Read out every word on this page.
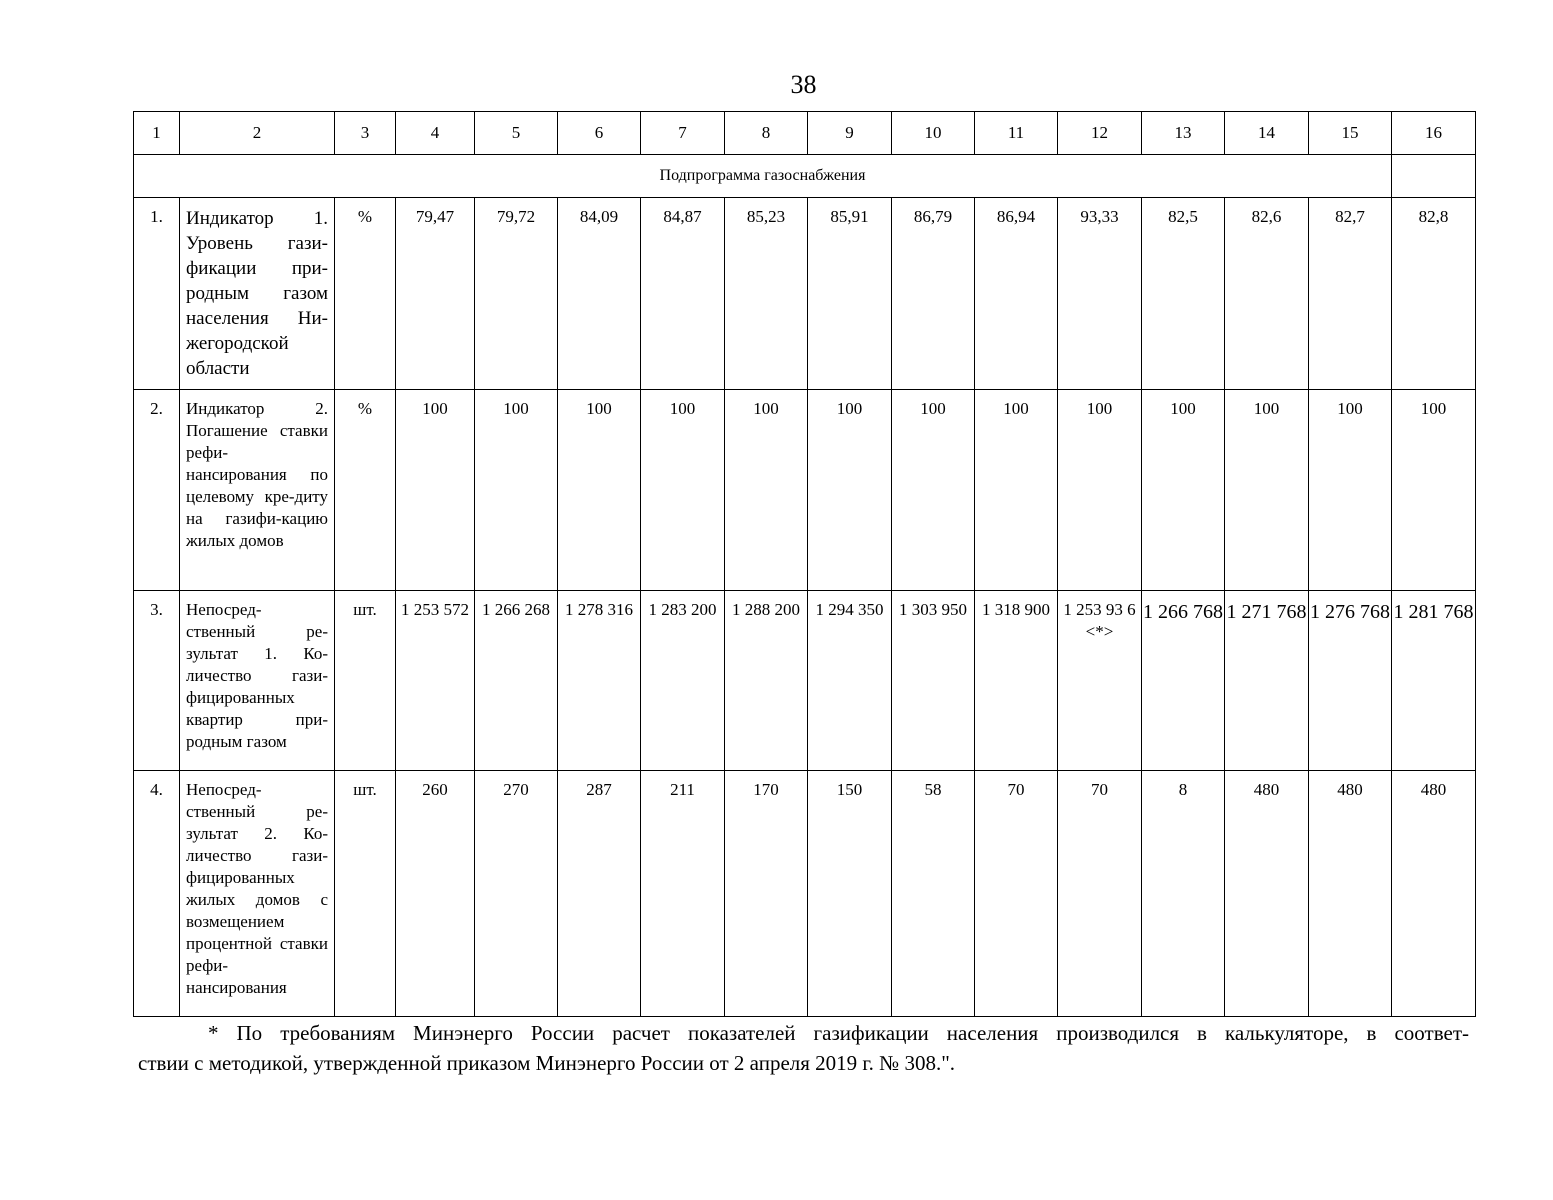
38
1	2	3	4	5	6	7	8	9	10	11	12	13	14	15	16
Подпрограмма газоснабжения															
1.	Индикатор 1. Уровень гази-фикации при-родным газом населения Ни-жегородской области	%	79,47	79,72	84,09	84,87	85,23	85,91	86,79	86,94	93,33	82,5	82,6	82,7	82,8
2.	Индикатор 2. Погашение ставки рефи-нансирования по целевому кре-диту на газифи-кацию жилых домов	%	100	100	100	100	100	100	100	100	100	100	100	100	100
3.	Непосред-ственный ре-зультат 1. Ко-личество гази-фицированных квартир при-родным газом	шт.	1 253 572	1 266 268	1 278 316	1 283 200	1 288 200	1 294 350	1 303 950	1 318 900	1 253 93 6 <*>	1 266 768	1 271 768	1 276 768	1 281 768
4.	Непосред-ственный ре-зультат 2. Ко-личество гази-фицированных жилых домов с возмещением процентной ставки рефи-нансирования	шт.	260	270	287	211	170	150	58	70	70	8	480	480	480
* По требованиям Минэнерго России расчет показателей газификации населения производился в калькуляторе, в соответ-
ствии с методикой, утвержденной приказом Минэнерго России от 2 апреля 2019 г. № 308.".
